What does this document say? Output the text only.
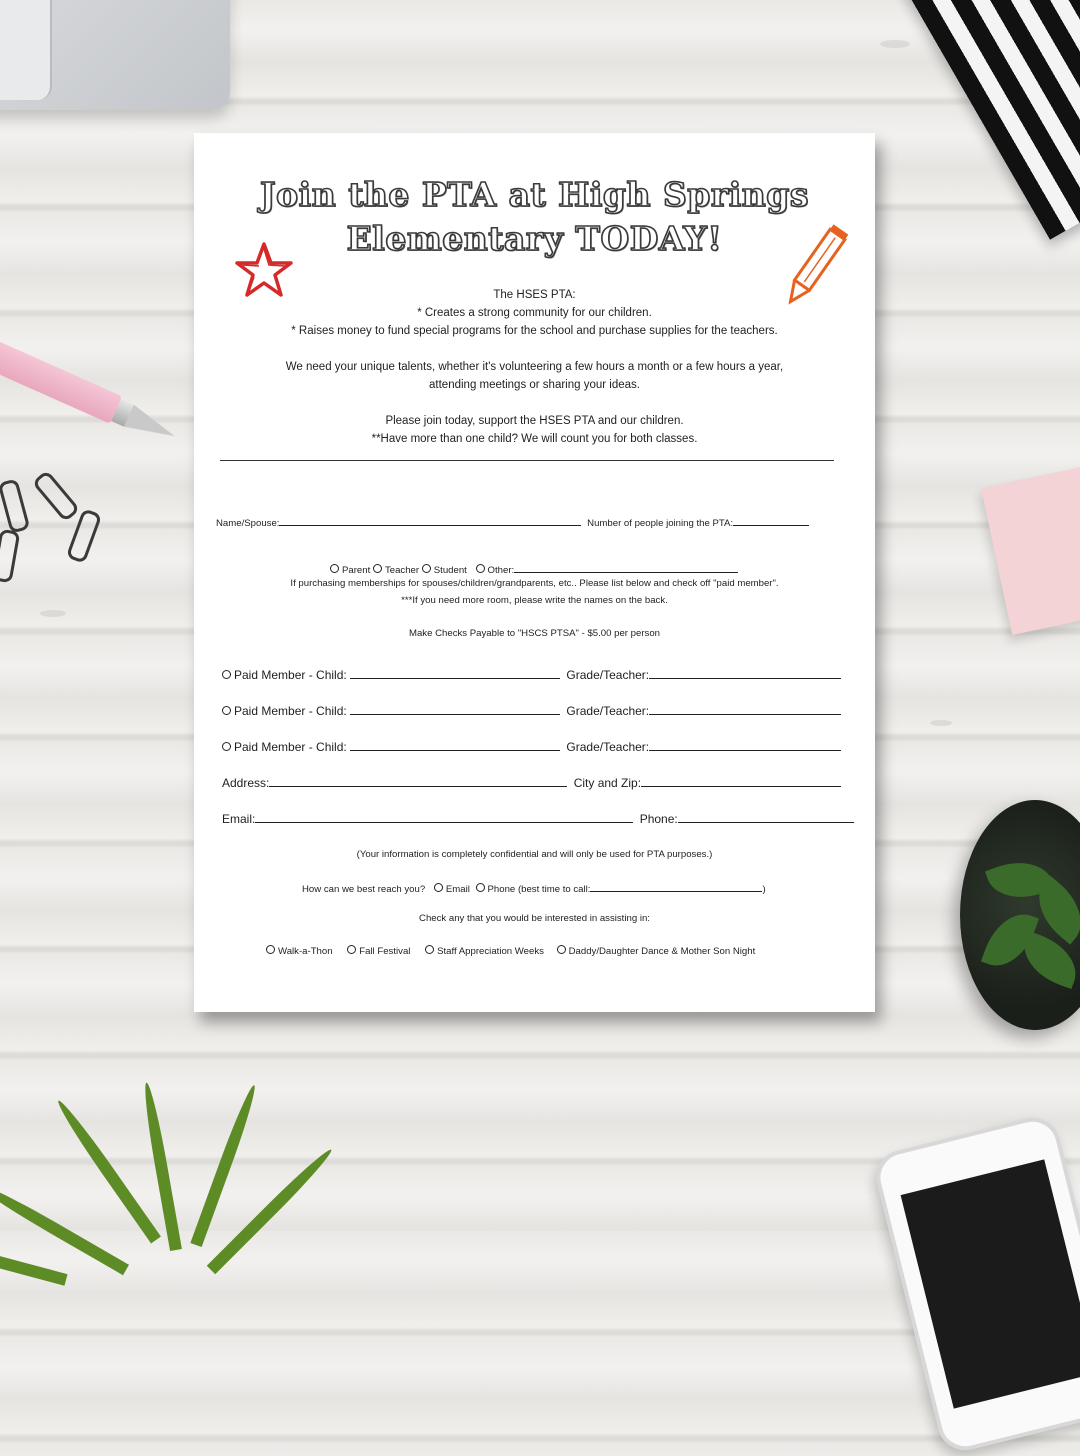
Join the PTA at High Springs
Elementary TODAY!
The HSES PTA:
* Creates a strong community for our children.
* Raises money to fund special programs for the school and purchase supplies for the teachers.
We need your unique talents, whether it's volunteering a few hours a month or a few hours a year,
attending meetings or sharing your ideas.
Please join today, support the HSES PTA and our children.
**Have more than one child? We will count you for both classes.
Name/Spouse:	Number of people joining the PTA:
Parent Teacher Student Other:
If purchasing memberships for spouses/children/grandparents, etc.. Please list below and check off "paid member".
***If you need more room, please write the names on the back.
Make Checks Payable to "HSCS PTSA" - $5.00 per person
Paid Member - Child:	Grade/Teacher:
Paid Member - Child:	Grade/Teacher:
Paid Member - Child:	Grade/Teacher:
Address:	City and Zip:
Email:	Phone:
(Your information is completely confidential and will only be used for PTA purposes.)
How can we best reach you? Email Phone (best time to call:	)
Check any that you would be interested in assisting in:
Walk-a-Thon	Fall Festival	Staff Appreciation Weeks	Daddy/Daughter Dance & Mother Son Night
